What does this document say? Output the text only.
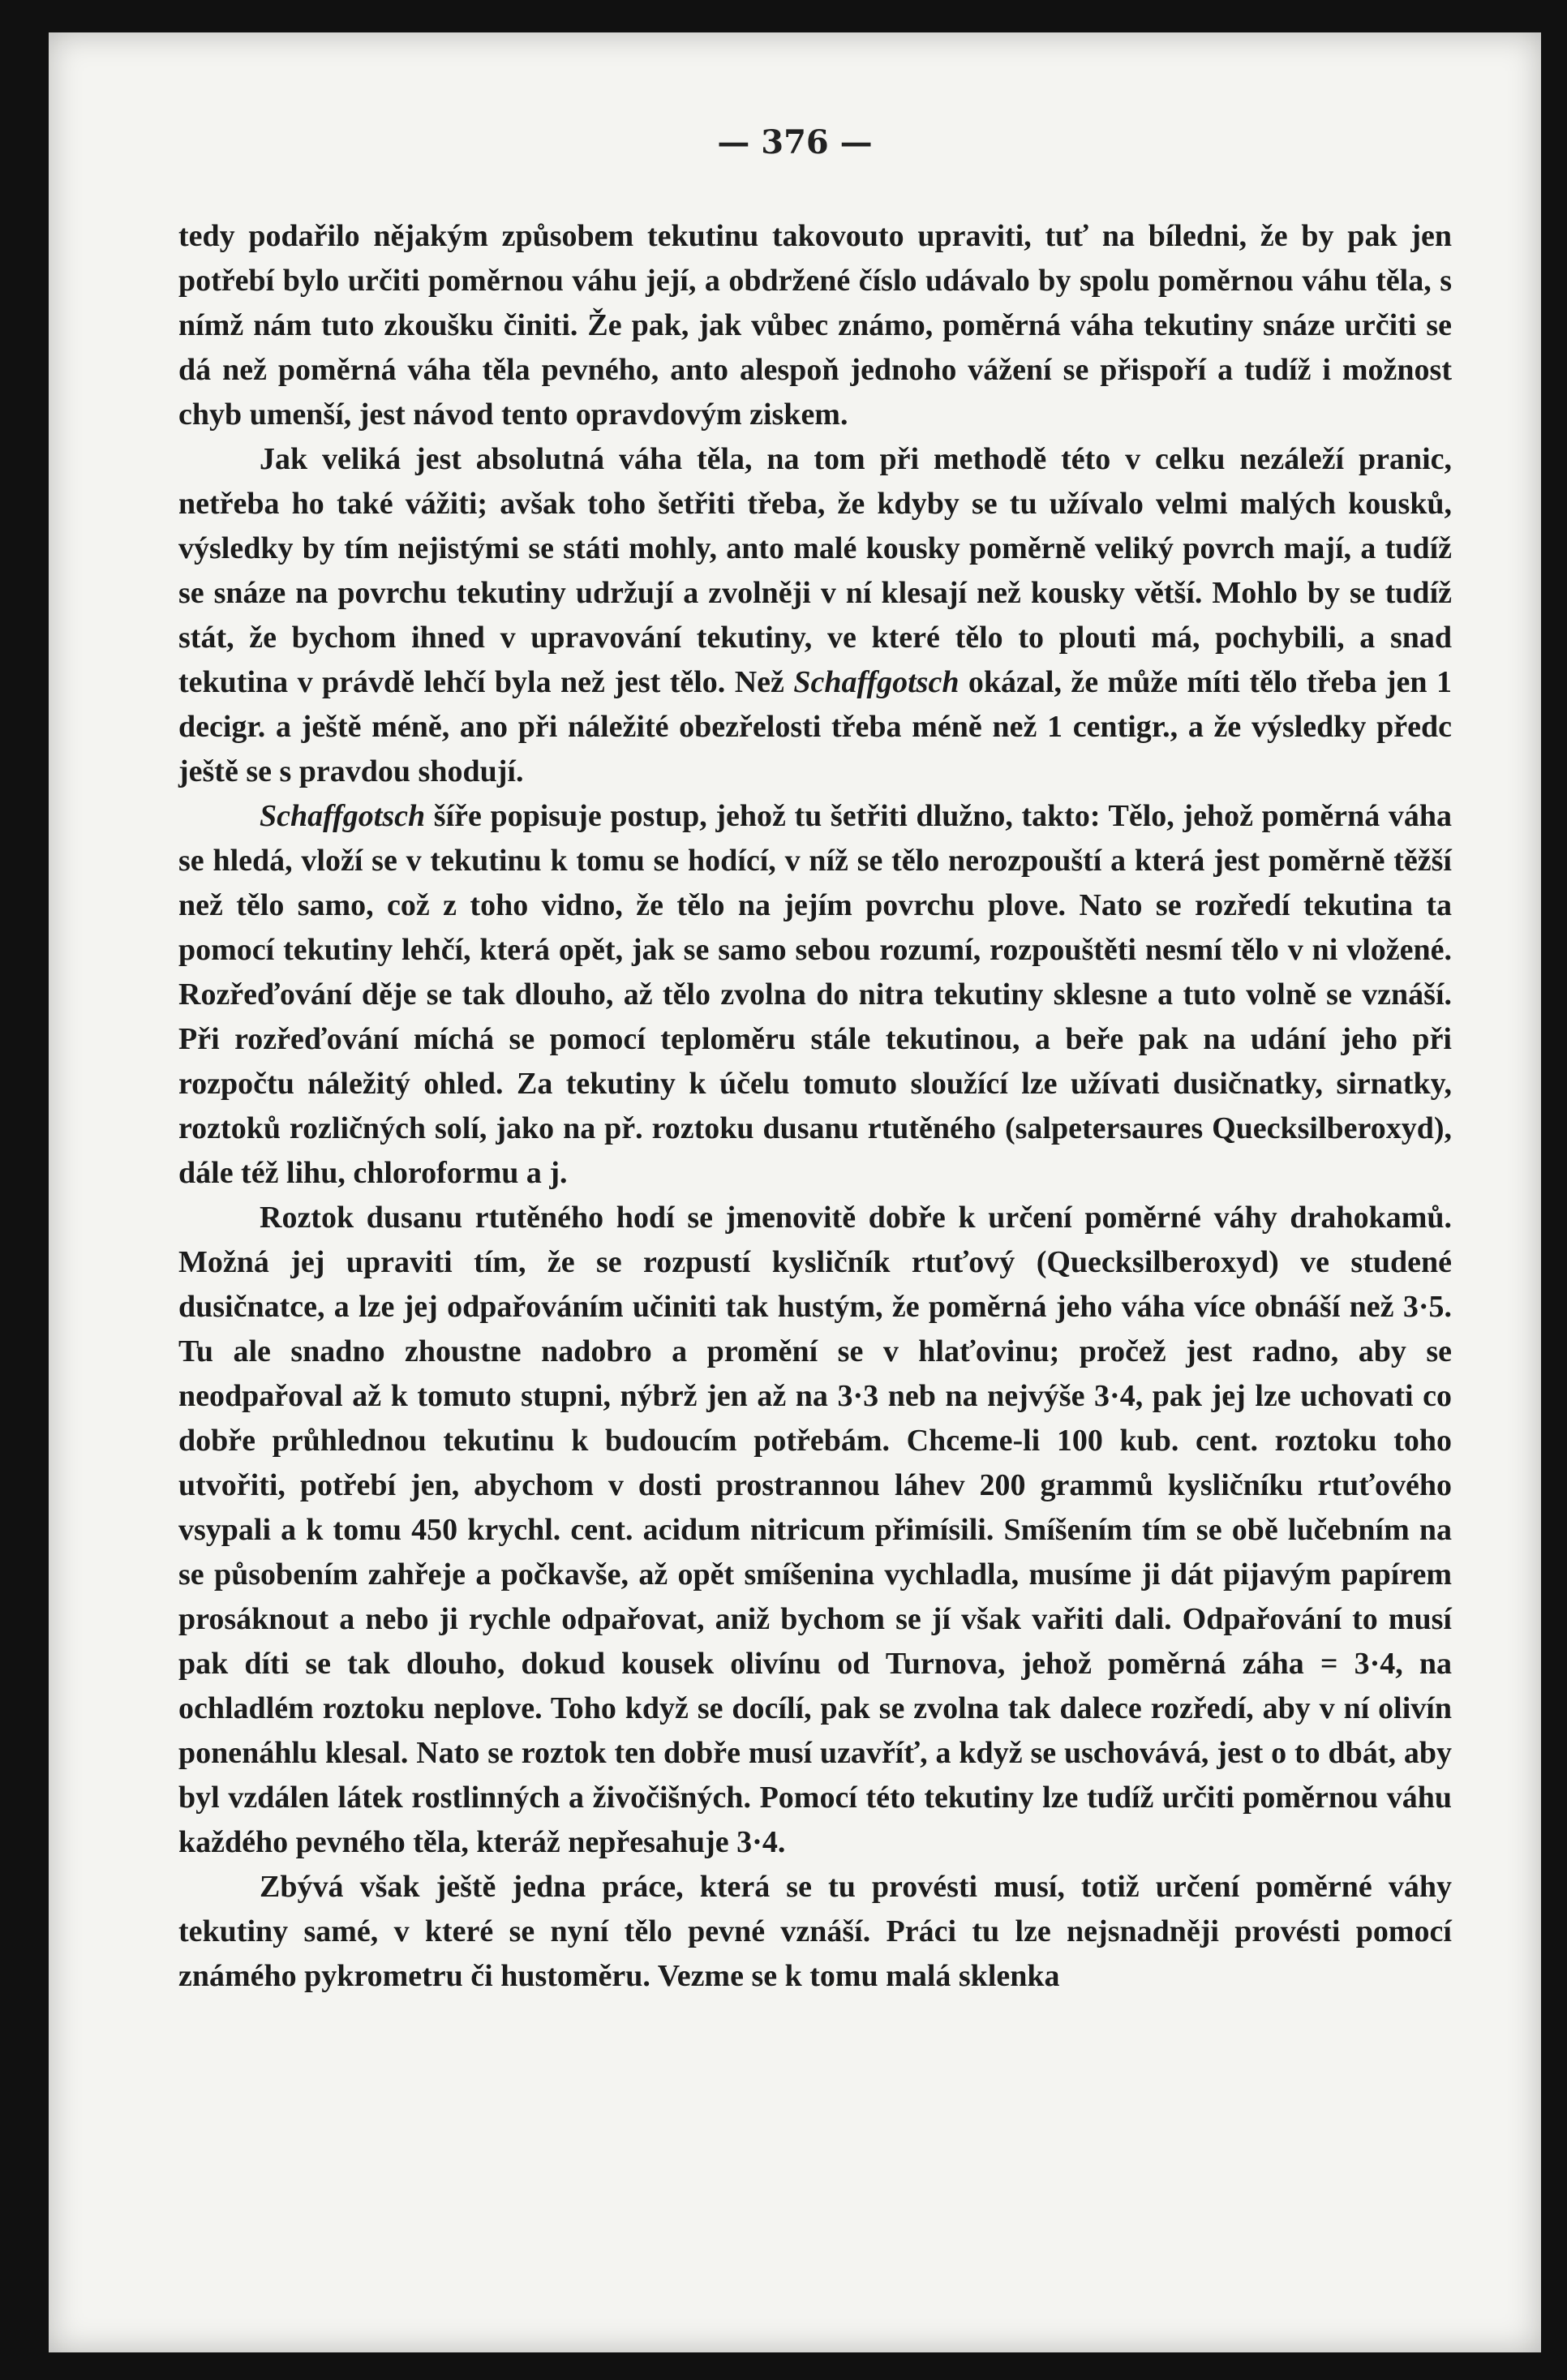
— 376 —

tedy podařilo nějakým způsobem tekutinu takovouto upraviti, tuť na bíledni, že by pak jen potřebí bylo určiti poměrnou váhu její, a obdržené číslo udávalo by spolu poměrnou váhu těla, s nímž nám tuto zkoušku činiti. Že pak, jak vůbec známo, poměrná váha tekutiny snáze určiti se dá než poměrná váha těla pevného, anto alespoň jednoho vážení se přispoří a tudíž i možnost chyb umenší, jest návod tento opravdovým ziskem.

Jak veliká jest absolutná váha těla, na tom při methodě této v celku nezáleží pranic, netřeba ho také vážiti; avšak toho šetřiti třeba, že kdyby se tu užívalo velmi malých kousků, výsledky by tím nejistými se státi mohly, anto malé kousky poměrně veliký povrch mají, a tudíž se snáze na povrchu tekutiny udržují a zvolněji v ní klesají než kousky větší. Mohlo by se tudíž stát, že bychom ihned v upravování tekutiny, ve které tělo to plouti má, pochybili, a snad tekutina v právdě lehčí byla než jest tělo. Než Schaffgotsch okázal, že může míti tělo třeba jen 1 decigr. a ještě méně, ano při náležité obezřelosti třeba méně než 1 centigr., a že výsledky předc ještě se s pravdou shodují.

Schaffgotsch šíře popisuje postup, jehož tu šetřiti dlužno, takto: Tělo, jehož poměrná váha se hledá, vloží se v tekutinu k tomu se hodící, v níž se tělo nerozpouští a která jest poměrně těžší než tělo samo, což z toho vidno, že tělo na jejím povrchu plove. Nato se rozředí tekutina ta pomocí tekutiny lehčí, která opět, jak se samo sebou rozumí, rozpouštěti nesmí tělo v ni vložené. Rozřeďování děje se tak dlouho, až tělo zvolna do nitra tekutiny sklesne a tuto volně se vznáší. Při rozřeďování míchá se pomocí teploměru stále tekutinou, a beře pak na udání jeho při rozpočtu náležitý ohled. Za tekutiny k účelu tomuto sloužící lze užívati dusičnatky, sirnatky, roztoků rozličných solí, jako na př. roztoku dusanu rtutěného (salpetersaures Quecksilberoxyd), dále též lihu, chloroformu a j.

Roztok dusanu rtutěného hodí se jmenovitě dobře k určení poměrné váhy drahokamů. Možná jej upraviti tím, že se rozpustí kysličník rtuťový (Quecksilberoxyd) ve studené dusičnatce, a lze jej odpařováním učiniti tak hustým, že poměrná jeho váha více obnáší než 3·5. Tu ale snadno zhoustne nadobro a promění se v hlaťovinu; pročež jest radno, aby se neodpařoval až k tomuto stupni, nýbrž jen až na 3·3 neb na nejvýše 3·4, pak jej lze uchovati co dobře průhlednou tekutinu k budoucím potřebám. Chceme-li 100 kub. cent. roztoku toho utvořiti, potřebí jen, abychom v dosti prostrannou láhev 200 grammů kysličníku rtuťového vsypali a k tomu 450 krychl. cent. acidum nitricum přimísili. Smíšením tím se obě lučebním na se působením zahřeje a počkavše, až opět smíšenina vychladla, musíme ji dát pijavým papírem prosáknout a nebo ji rychle odpařovat, aniž bychom se jí však vařiti dali. Odpařování to musí pak díti se tak dlouho, dokud kousek olivínu od Turnova, jehož poměrná záha = 3·4, na ochladlém roztoku neplove. Toho když se docílí, pak se zvolna tak dalece rozředí, aby v ní olivín ponenáhlu klesal. Nato se roztok ten dobře musí uzavříť, a když se uschovává, jest o to dbát, aby byl vzdálen látek rostlinných a živočišných. Pomocí této tekutiny lze tudíž určiti poměrnou váhu každého pevného těla, kteráž nepřesahuje 3·4.

Zbývá však ještě jedna práce, která se tu provésti musí, totiž určení poměrné váhy tekutiny samé, v které se nyní tělo pevné vznáší. Práci tu lze nejsnadněji provésti pomocí známého pykrometru či hustoměru. Vezme se k tomu malá sklenka
